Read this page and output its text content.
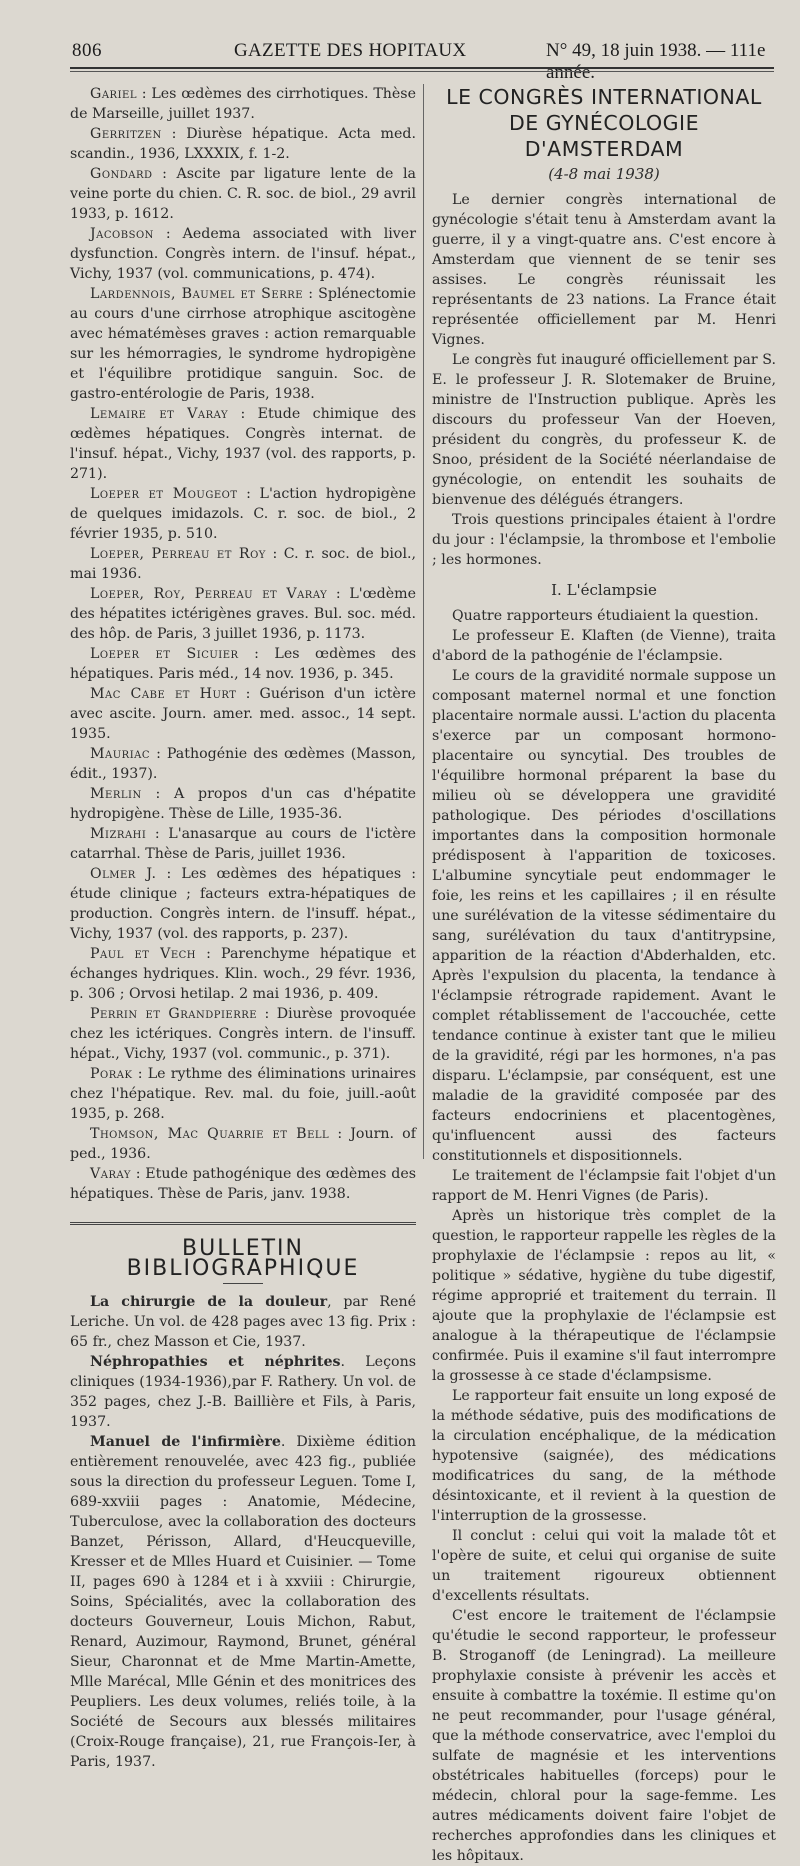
806	GAZETTE DES HOPITAUX	N° 49, 18 juin 1938. — 111e année.

Gariel : Les œdèmes des cirrhotiques. Thèse de Marseille, juillet 1937.

Gerritzen : Diurèse hépatique. Acta med. scandin., 1936, LXXXIX, f. 1-2.

Gondard : Ascite par ligature lente de la veine porte du chien. C. R. soc. de biol., 29 avril 1933, p. 1612.

Jacobson : Aedema associated with liver dysfunction. Congrès intern. de l'insuf. hépat., Vichy, 1937 (vol. communications, p. 474).

Lardennois, Baumel et Serre : Splénectomie au cours d'une cirrhose atrophique ascitogène avec hématémèses graves : action remarquable sur les hémorragies, le syndrome hydropigène et l'équilibre protidique sanguin. Soc. de gastro-entérologie de Paris, 1938.

Lemaire et Varay : Etude chimique des œdèmes hépatiques. Congrès internat. de l'insuf. hépat., Vichy, 1937 (vol. des rapports, p. 271).

Loeper et Mougeot : L'action hydropigène de quelques imidazols. C. r. soc. de biol., 2 février 1935, p. 510.

Loeper, Perreau et Roy : C. r. soc. de biol., mai 1936.

Loeper, Roy, Perreau et Varay : L'œdème des hépatites ictérigènes graves. Bul. soc. méd. des hôp. de Paris, 3 juillet 1936, p. 1173.

Loeper et Sicuier : Les œdèmes des hépatiques. Paris méd., 14 nov. 1936, p. 345.

Mac Cabe et Hurt : Guérison d'un ictère avec ascite. Journ. amer. med. assoc., 14 sept. 1935.

Mauriac : Pathogénie des œdèmes (Masson, édit., 1937).

Merlin : A propos d'un cas d'hépatite hydropigène. Thèse de Lille, 1935-36.

Mizrahi : L'anasarque au cours de l'ictère catarrhal. Thèse de Paris, juillet 1936.

Olmer J. : Les œdèmes des hépatiques : étude clinique ; facteurs extra-hépatiques de production. Congrès intern. de l'insuff. hépat., Vichy, 1937 (vol. des rapports, p. 237).

Paul et Vech : Parenchyme hépatique et échanges hydriques. Klin. woch., 29 févr. 1936, p. 306 ; Orvosi hetilap. 2 mai 1936, p. 409.

Perrin et Grandpierre : Diurèse provoquée chez les ictériques. Congrès intern. de l'insuff. hépat., Vichy, 1937 (vol. communic., p. 371).

Porak : Le rythme des éliminations urinaires chez l'hépatique. Rev. mal. du foie, juill.-août 1935, p. 268.

Thomson, Mac Quarrie et Bell : Journ. of ped., 1936.

Varay : Etude pathogénique des œdèmes des hépatiques. Thèse de Paris, janv. 1938.

BULLETIN BIBLIOGRAPHIQUE

La chirurgie de la douleur, par René Leriche. Un vol. de 428 pages avec 13 fig. Prix : 65 fr., chez Masson et Cie, 1937.

Néphropathies et néphrites. Leçons cliniques (1934-1936),par F. Rathery. Un vol. de 352 pages, chez J.-B. Baillière et Fils, à Paris, 1937.

Manuel de l'infirmière. Dixième édition entièrement renouvelée, avec 423 fig., publiée sous la direction du professeur Leguen. Tome I, 689-xxviii pages : Anatomie, Médecine, Tuberculose, avec la collaboration des docteurs Banzet, Périsson, Allard, d'Heucqueville, Kresser et de Mlles Huard et Cuisinier. — Tome II, pages 690 à 1284 et i à xxviii : Chirurgie, Soins, Spécialités, avec la collaboration des docteurs Gouverneur, Louis Michon, Rabut, Renard, Auzimour, Raymond, Brunet, général Sieur, Charonnat et de Mme Martin-Amette, Mlle Marécal, Mlle Génin et des monitrices des Peupliers. Les deux volumes, reliés toile, à la Société de Secours aux blessés militaires (Croix-Rouge française), 21, rue François-Ier, à Paris, 1937.

LE CONGRÈS INTERNATIONAL DE GYNÉCOLOGIE

D'AMSTERDAM

(4-8 mai 1938)

Le dernier congrès international de gynécologie s'était tenu à Amsterdam avant la guerre, il y a vingt-quatre ans. C'est encore à Amsterdam que viennent de se tenir ses assises. Le congrès réunissait les représentants de 23 nations. La France était représentée officiellement par M. Henri Vignes.

Le congrès fut inauguré officiellement par S. E. le professeur J. R. Slotemaker de Bruine, ministre de l'Instruction publique. Après les discours du professeur Van der Hoeven, président du congrès, du professeur K. de Snoo, président de la Société néerlandaise de gynécologie, on entendit les souhaits de bienvenue des délégués étrangers.

Trois questions principales étaient à l'ordre du jour : l'éclampsie, la thrombose et l'embolie ; les hormones.

I. L'éclampsie

Quatre rapporteurs étudiaient la question.

Le professeur E. Klaften (de Vienne), traita d'abord de la pathogénie de l'éclampsie.

Le cours de la gravidité normale suppose un composant maternel normal et une fonction placentaire normale aussi. L'action du placenta s'exerce par un composant hormono-placentaire ou syncytial. Des troubles de l'équilibre hormonal préparent la base du milieu où se développera une gravidité pathologique. Des périodes d'oscillations importantes dans la composition hormonale prédisposent à l'apparition de toxicoses. L'albumine syncytiale peut endommager le foie, les reins et les capillaires ; il en résulte une surélévation de la vitesse sédimentaire du sang, surélévation du taux d'antitrypsine, apparition de la réaction d'Abderhalden, etc. Après l'expulsion du placenta, la tendance à l'éclampsie rétrograde rapidement. Avant le complet rétablissement de l'accouchée, cette tendance continue à exister tant que le milieu de la gravidité, régi par les hormones, n'a pas disparu. L'éclampsie, par conséquent, est une maladie de la gravidité composée par des facteurs endocriniens et placentogènes, qu'influencent aussi des facteurs constitutionnels et dispositionnels.

Le traitement de l'éclampsie fait l'objet d'un rapport de M. Henri Vignes (de Paris).

Après un historique très complet de la question, le rapporteur rappelle les règles de la prophylaxie de l'éclampsie : repos au lit, « politique » sédative, hygiène du tube digestif, régime approprié et traitement du terrain. Il ajoute que la prophylaxie de l'éclampsie est analogue à la thérapeutique de l'éclampsie confirmée. Puis il examine s'il faut interrompre la grossesse à ce stade d'éclampsisme.

Le rapporteur fait ensuite un long exposé de la méthode sédative, puis des modifications de la circulation encéphalique, de la médication hypotensive (saignée), des médications modificatrices du sang, de la méthode désintoxicante, et il revient à la question de l'interruption de la grossesse.

Il conclut : celui qui voit la malade tôt et l'opère de suite, et celui qui organise de suite un traitement rigoureux obtiennent d'excellents résultats.

C'est encore le traitement de l'éclampsie qu'étudie le second rapporteur, le professeur B. Stroganoff (de Leningrad). La meilleure prophylaxie consiste à prévenir les accès et ensuite à combattre la toxémie. Il estime qu'on ne peut recommander, pour l'usage général, que la méthode conservatrice, avec l'emploi du sulfate de magnésie et les interventions obstétricales habituelles (forceps) pour le médecin, chloral pour la sage-femme. Les autres médicaments doivent faire l'objet de recherches approfondies dans les cliniques et les hôpitaux.
